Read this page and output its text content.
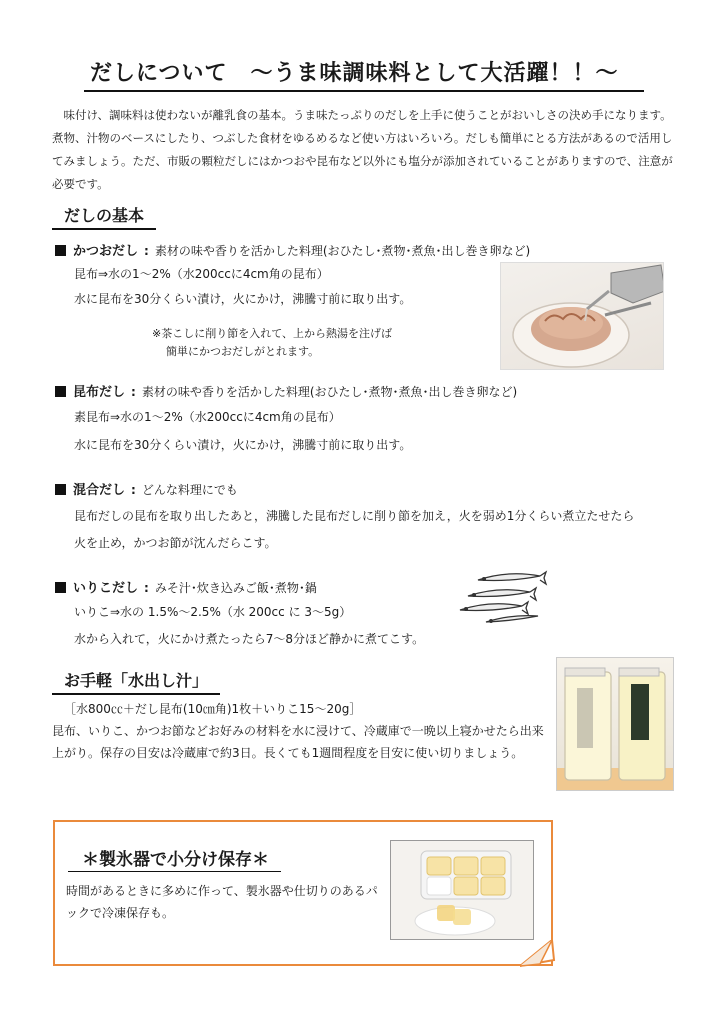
だしについて　～うま味調味料として大活躍！！～

味付け、調味料は使わないが離乳食の基本。うま味たっぷりのだしを上手に使うことがおいしさの決め手になります。煮物、汁物のベースにしたり、つぶした食材をゆるめるなど使い方はいろいろ。だしも簡単にとる方法があるので活用してみましょう。ただ、市販の顆粒だしにはかつおや昆布など以外にも塩分が添加されていることがありますので、注意が必要です。

だしの基本
かつおだし : 素材の味や香りを活かした料理(おひたし･煮物･煮魚･出し巻き卵など)
昆布⇒水の1～2%（水200ccに4cm角の昆布）
水に昆布を30分くらい漬け，火にかけ，沸騰寸前に取り出す。
※茶こしに削り節を入れて、上から熱湯を注げば
簡単にかつおだしがとれます。
昆布だし : 素材の味や香りを活かした料理(おひたし･煮物･煮魚･出し巻き卵など)
素昆布⇒水の1～2%（水200ccに4cm角の昆布）
水に昆布を30分くらい漬け，火にかけ，沸騰寸前に取り出す。
混合だし : どんな料理にでも
昆布だしの昆布を取り出したあと，沸騰した昆布だしに削り節を加え，火を弱め1分くらい煮立たせたら
火を止め，かつお節が沈んだらこす。
いりこだし : みそ汁･炊き込みご飯･煮物･鍋
いりこ⇒水の 1.5%～2.5%（水 200cc に 3～5g）
水から入れて，火にかけ煮たったら7～8分ほど静かに煮てこす。
お手軽「水出し汁」
［水800㏄＋だし昆布(10㎝角)1枚＋いりこ15～20g］

昆布、いりこ、かつお節などお好みの材料を水に浸けて、冷蔵庫で一晩以上寝かせたら出来上がり。保存の目安は冷蔵庫で約3日。長くても1週間程度を目安に使い切りましょう。

＊製氷器で小分け保存＊

時間があるときに多めに作って、製氷器や仕切りのあるパックで冷凍保存も。
